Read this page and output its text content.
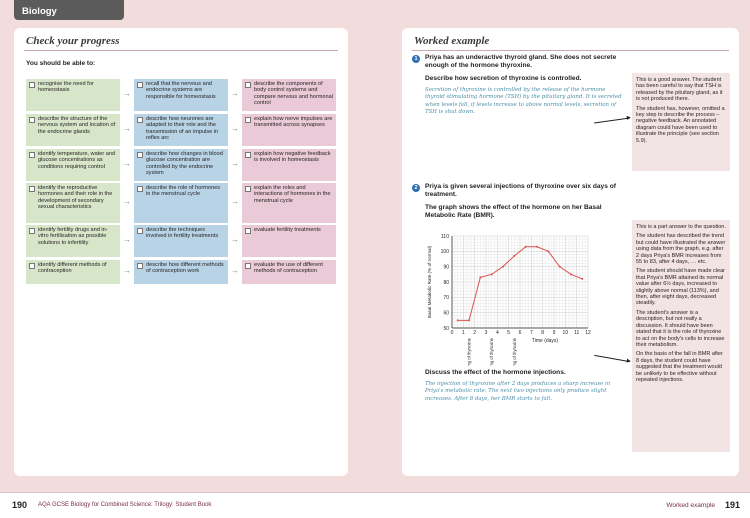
Biology
Check your progress
You should be able to:
recognise the need for homeostasis
recall that the nervous and endocrine systems are responsible for homeostasis
describe the components of body control systems and compare nervous and hormonal control
→	→
describe the structure of the nervous system and location of the endocrine glands
describe how neurones are adapted to their role and the transmission of an impulse in reflex arc
explain how nerve impulses are transmitted across synapses
→	→
identify temperature, water and glucose concentrations as conditions requiring control
describe how changes in blood glucose concentration are controlled by the endocrine system
explain how negative feedback is involved in homeostasis
→	→
identify the reproductive hormones and their role in the development of secondary sexual characteristics
describe the role of hormones in the menstrual cycle
explain the roles and interactions of hormones in the menstrual cycle
→	→
identify fertility drugs and in-vitro fertilisation as possible solutions to infertility
describe the techniques involved in fertility treatments
evaluate fertility treatments
→	→
identify different methods of contraception
describe how different methods of contraception work
evaluate the use of different methods of contraception
→	→
Worked example
1	Priya has an underactive thyroid gland. She does not secrete enough of the hormone thyroxine.
Describe how secretion of thyroxine is controlled.
Secretion of thyroxine is controlled by the release of the hormone thyroid stimulating hormone (TSH) by the pituitary gland. It is secreted when levels fall, if levels increase to above normal levels, secretion of TSH is shut down.

This is a good answer. The student has been careful to say that TSH is released by the pituitary gland, as it is not produced there.

The student has, however, omitted a key step to describe the process – negative feedback. An annotated diagram could have been used to illustrate the principle (see section 5.9).

2	Priya is given several injections of thyroxine over six days of treatment.
The graph shows the effect of the hormone on her Basal Metabolic Rate (BMR).
50
60
70
80
90
100
110
0 1 2 3 4 5 6 7 8 9 10 11 12
Time (days)
Basal Metabolic Rate (% of normal)
injection of 5mg of thyroxine	injection of 5mg of thyroxine	injection of 5mg of thyroxine
Discuss the effect of the hormone injections.
The injection of thyroxine after 2 days produces a sharp increase in Priya's metabolic rate. The next two injections only produce slight increases. After 8 days, her BMR starts to fall.

This is a part answer to the question.

The student has described the trend but could have illustrated the answer using data from the graph, e.g. after 2 days Priya's BMR increases from 55 to 83, after 4 days, … etc.

The student should have made clear that Priya's BMR attained its normal value after 6½ days, increased to slightly above normal (113%), and then, after eight days, decreased steadily.

The student's answer is a description, but not really a discussion. It should have been stated that it is the role of thyroxine to act on the body's cells to increase their metabolism.

On the basis of the fall in BMR after 8 days, the student could have suggested that the treatment would be unlikely to be effective without repeated injections.

190 AQA GCSE Biology for Combined Science: Trilogy: Student Book	Worked example 191
